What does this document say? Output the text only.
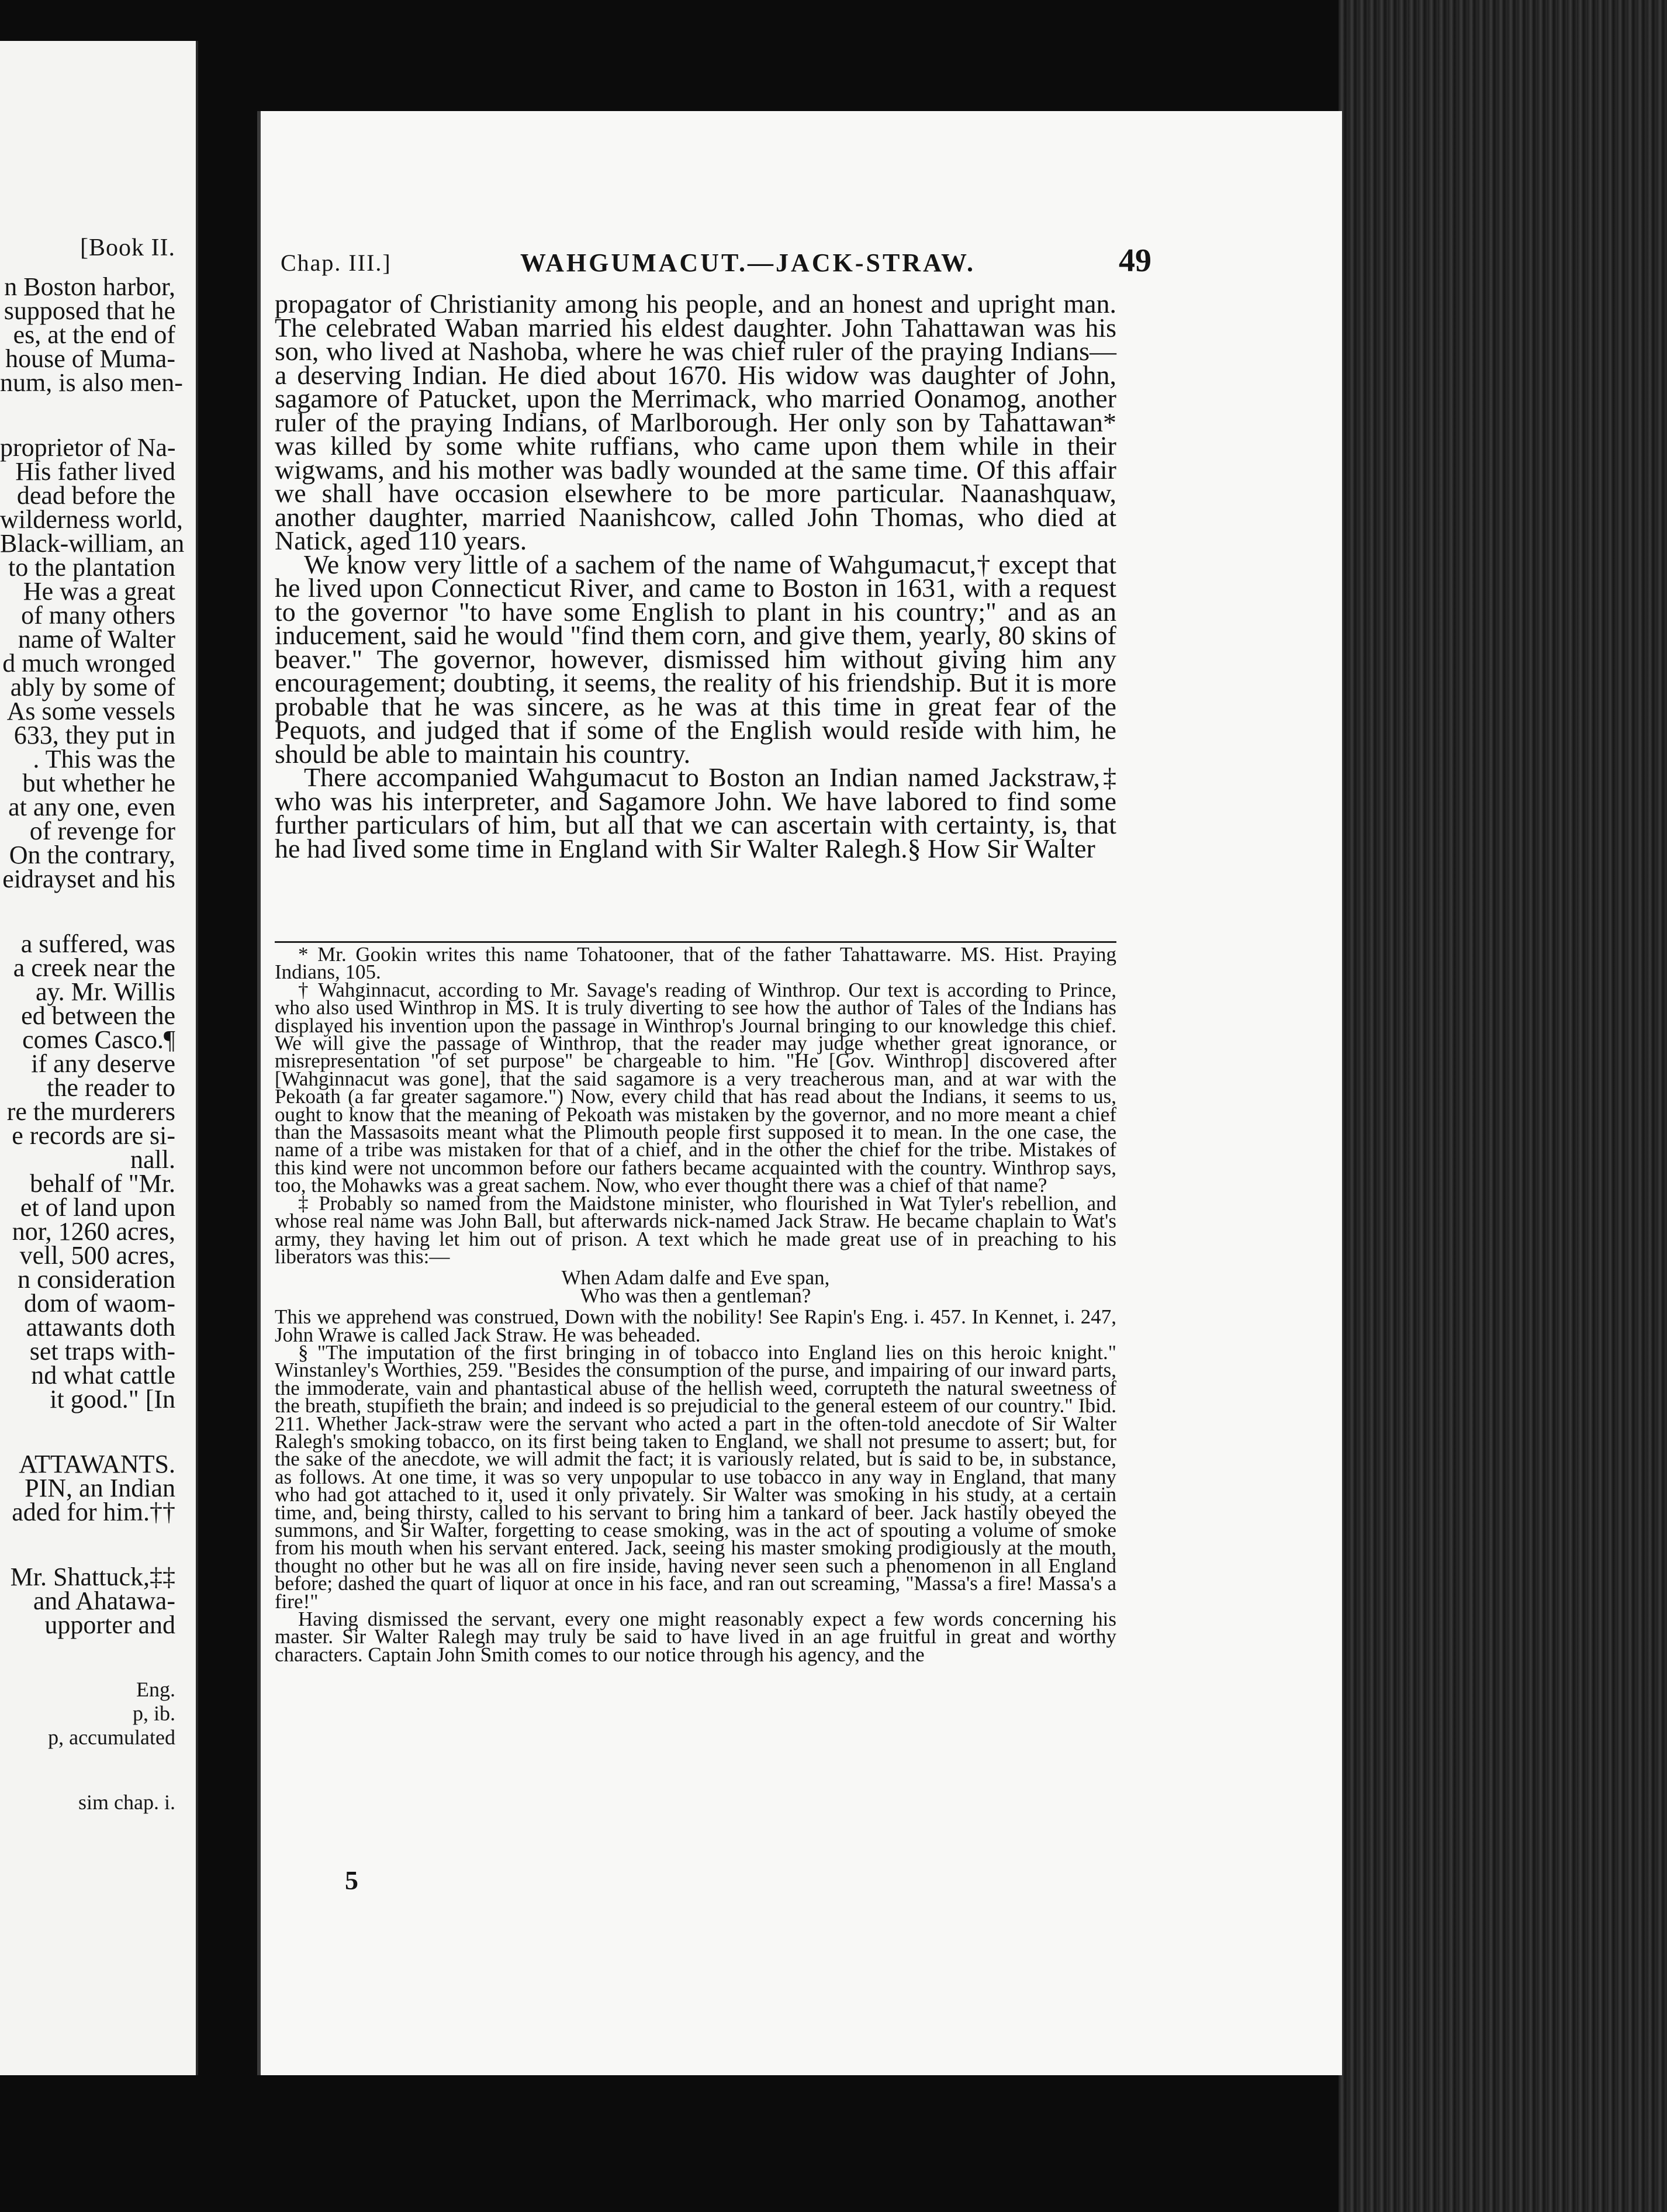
[Book II.
n Boston harbor,
supposed that he
es, at the end of
house of Muma-
num, is also men-
proprietor of Na-
His father lived
dead before the
wilderness world,
Black-william, an
to the plantation
He was a great
of many others
name of Walter
d much wronged
ably by some of
As some vessels
633, they put in
. This was the
but whether he
at any one, even
of revenge for
On the contrary,
eidrayset and his
a suffered, was
a creek near the
ay. Mr. Willis
ed between the
comes Casco.¶
if any deserve
the reader to
re the murderers
e records are si-
nall.
behalf of "Mr.
et of land upon
nor, 1260 acres,
vell, 500 acres,
n consideration
dom of waom-
attawants doth
set traps with-
nd what cattle
it good." [In
ATTAWANTS.
PIN, an Indian
aded for him.††
Mr. Shattuck,‡‡
and Ahatawa-
upporter and
Eng.
p, ib.
p, accumulated
sim chap. i.
Chap. III.]	WAHGUMACUT.—JACK-STRAW.	49

propagator of Christianity among his people, and an honest and upright man. The celebrated Waban married his eldest daughter. John Tahattawan was his son, who lived at Nashoba, where he was chief ruler of the praying Indians—a deserving Indian. He died about 1670. His widow was daughter of John, sagamore of Patucket, upon the Merrimack, who married Oonamog, another ruler of the praying Indians, of Marlborough. Her only son by Tahattawan* was killed by some white ruffians, who came upon them while in their wigwams, and his mother was badly wounded at the same time. Of this affair we shall have occasion elsewhere to be more particular. Naanashquaw, another daughter, married Naanishcow, called John Thomas, who died at Natick, aged 110 years.

We know very little of a sachem of the name of Wahgumacut,† except that he lived upon Connecticut River, and came to Boston in 1631, with a request to the governor "to have some English to plant in his country;" and as an inducement, said he would "find them corn, and give them, yearly, 80 skins of beaver." The governor, however, dismissed him without giving him any encouragement; doubting, it seems, the reality of his friendship. But it is more probable that he was sincere, as he was at this time in great fear of the Pequots, and judged that if some of the English would reside with him, he should be able to maintain his country.

There accompanied Wahgumacut to Boston an Indian named Jackstraw,‡ who was his interpreter, and Sagamore John. We have labored to find some further particulars of him, but all that we can ascertain with certainty, is, that he had lived some time in England with Sir Walter Ralegh.§ How Sir Walter

* Mr. Gookin writes this name Tohatooner, that of the father Tahattawarre. MS. Hist. Praying Indians, 105.

† Wahginnacut, according to Mr. Savage's reading of Winthrop. Our text is according to Prince, who also used Winthrop in MS. It is truly diverting to see how the author of Tales of the Indians has displayed his invention upon the passage in Winthrop's Journal bringing to our knowledge this chief. We will give the passage of Winthrop, that the reader may judge whether great ignorance, or misrepresentation "of set purpose" be chargeable to him. "He [Gov. Winthrop] discovered after [Wahginnacut was gone], that the said sagamore is a very treacherous man, and at war with the Pekoath (a far greater sagamore.") Now, every child that has read about the Indians, it seems to us, ought to know that the meaning of Pekoath was mistaken by the governor, and no more meant a chief than the Massasoits meant what the Plimouth people first supposed it to mean. In the one case, the name of a tribe was mistaken for that of a chief, and in the other the chief for the tribe. Mistakes of this kind were not uncommon before our fathers became acquainted with the country. Winthrop says, too, the Mohawks was a great sachem. Now, who ever thought there was a chief of that name?

‡ Probably so named from the Maidstone minister, who flourished in Wat Tyler's rebellion, and whose real name was John Ball, but afterwards nick-named Jack Straw. He became chaplain to Wat's army, they having let him out of prison. A text which he made great use of in preaching to his liberators was this:—

When Adam dalfe and Eve span,
Who was then a gentleman?

This we apprehend was construed, Down with the nobility! See Rapin's Eng. i. 457. In Kennet, i. 247, John Wrawe is called Jack Straw. He was beheaded.

§ "The imputation of the first bringing in of tobacco into England lies on this heroic knight." Winstanley's Worthies, 259. "Besides the consumption of the purse, and impairing of our inward parts, the immoderate, vain and phantastical abuse of the hellish weed, corrupteth the natural sweetness of the breath, stupifieth the brain; and indeed is so prejudicial to the general esteem of our country." Ibid. 211. Whether Jack-straw were the servant who acted a part in the often-told anecdote of Sir Walter Ralegh's smoking tobacco, on its first being taken to England, we shall not presume to assert; but, for the sake of the anecdote, we will admit the fact; it is variously related, but is said to be, in substance, as follows. At one time, it was so very unpopular to use tobacco in any way in England, that many who had got attached to it, used it only privately. Sir Walter was smoking in his study, at a certain time, and, being thirsty, called to his servant to bring him a tankard of beer. Jack hastily obeyed the summons, and Sir Walter, forgetting to cease smoking, was in the act of spouting a volume of smoke from his mouth when his servant entered. Jack, seeing his master smoking prodigiously at the mouth, thought no other but he was all on fire inside, having never seen such a phenomenon in all England before; dashed the quart of liquor at once in his face, and ran out screaming, "Massa's a fire! Massa's a fire!"

Having dismissed the servant, every one might reasonably expect a few words concerning his master. Sir Walter Ralegh may truly be said to have lived in an age fruitful in great and worthy characters. Captain John Smith comes to our notice through his agency, and the

5
